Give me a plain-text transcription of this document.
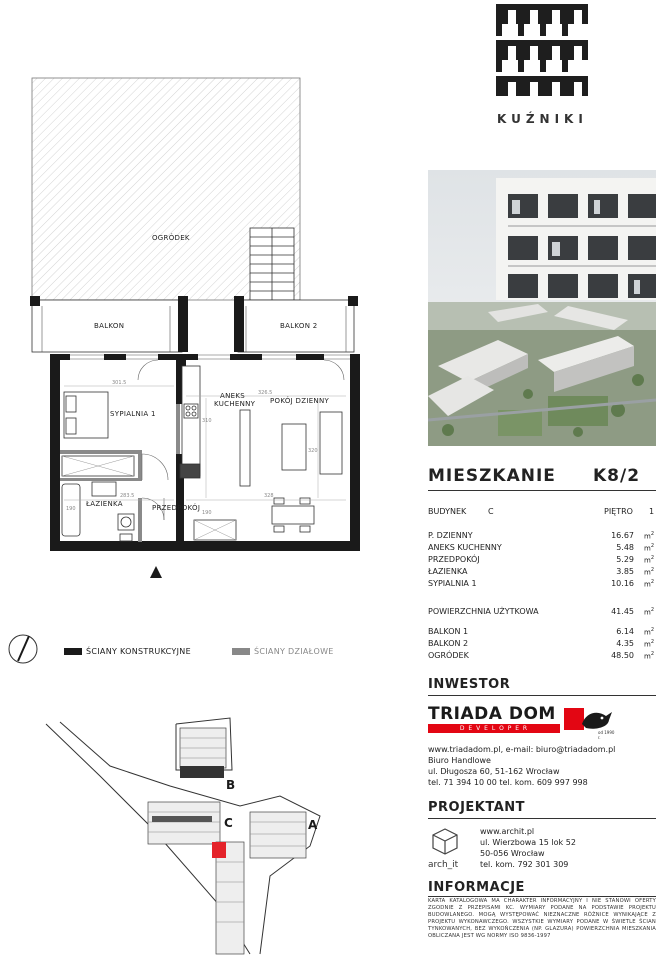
KUŹNIKI
MIESZKANIE K8/2
BUDYNEK	C	PIĘTRO 1
P. DZIENNY	16.67 $m^2$
ANEKS KUCHENNY	5.48 $m^2$
PRZEDPOKÓJ	5.29 $m^2$
ŁAZIENKA	3.85 $m^2$
SYPIALNIA 1	10.16 $m^2$
POWIERZCHNIA UŻYTKOWA	41.45 $m^2$
BALKON 1	6.14 $m^2$
BALKON 2	4.35 $m^2$
OGRÓDEK	48.50 $m^2$
INWESTOR
TRIADA DOM
D E V E L O P E R
od 1990 r.
www.triadadom.pl, e-mail: biuro@triadadom.pl
Biuro Handlowe
ul. Długosza 60, 51-162 Wrocław
tel. 71 394 10 00 tel. kom. 609 997 998
PROJEKTANT
arch_it
www.archit.pl
ul. Wierzbowa 15 lok 52
50-056 Wrocław
tel. kom. 792 301 309
INFORMACJE
KARTA KATALOGOWA MA CHARAKTER INFORMACYJNY I NIE STANOWI OFERTY ZGODNIE Z PRZEPISAMI KC. WYMIARY PODANE NA PODSTAWIE PROJEKTU BUDOWLANEGO. MOGĄ WYSTĘPOWAĆ NIEZNACZNE RÓŻNICE WYNIKAJĄCE Z PROJEKTU WYKONAWCZEGO. WSZYSTKIE WYMIARY PODANE W ŚWIETLE ŚCIAN TYNKOWANYCH, BEZ WYKOŃCZENIA (NP. GLAZURA) POWIERZCHNIA MIESZKANIA OBLICZANA JEST WG NORMY ISO 9836-1997
OGRÓDEK
BALKON	BALKON 2
SYPIALNIA 1
ANEKS
KUCHENNY POKÓJ DZIENNY
ŁAZIENKA	PRZEDPOKÓJ
301.5
326.5
283.5	328
310
320
190
190
ŚCIANY KONSTRUKCYJNE	ŚCIANY DZIAŁOWE
B
C	A
